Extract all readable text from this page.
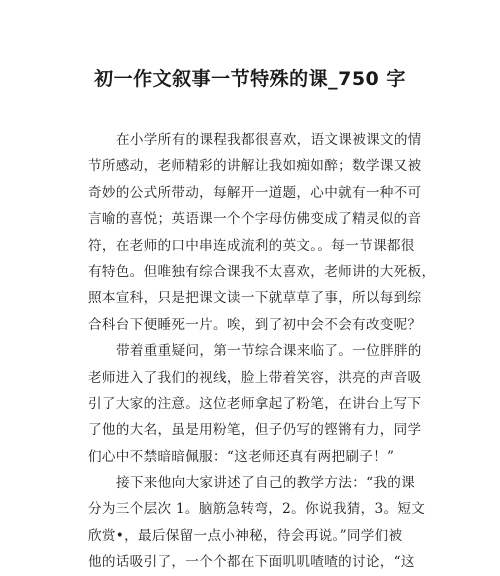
初一作文叙事一节特殊的课_750 字
在小学所有的课程我都很喜欢，语文课被课文的情
节所感动，老师精彩的讲解让我如痴如醉；数学课又被
奇妙的公式所带动，每解开一道题，心中就有一种不可
言喻的喜悦；英语课一个个字母仿佛变成了精灵似的音
符，在老师的口中串连成流利的英文。。每一节课都很
有特色。但唯独有综合课我不太喜欢，老师讲的大死板，
照本宣科，只是把课文读一下就草草了事，所以每到综
合科台下便睡死一片。唉，到了初中会不会有改变呢？
带着重重疑问，第一节综合课来临了。一位胖胖的
老师进入了我们的视线，脸上带着笑容，洪亮的声音吸
引了大家的注意。这位老师拿起了粉笔，在讲台上写下
了他的大名，虽是用粉笔，但子仍写的铿锵有力，同学
们心中不禁暗暗佩服：“这老师还真有两把刷子！”
接下来他向大家讲述了自己的教学方法：“我的课
分为三个层次 1。脑筋急转弯，2。你说我猜，3。短文
欣赏•，最后保留一点小神秘，待会再说。”同学们被
他的话吸引了，一个个都在下面叽叽喳喳的讨论，“这
